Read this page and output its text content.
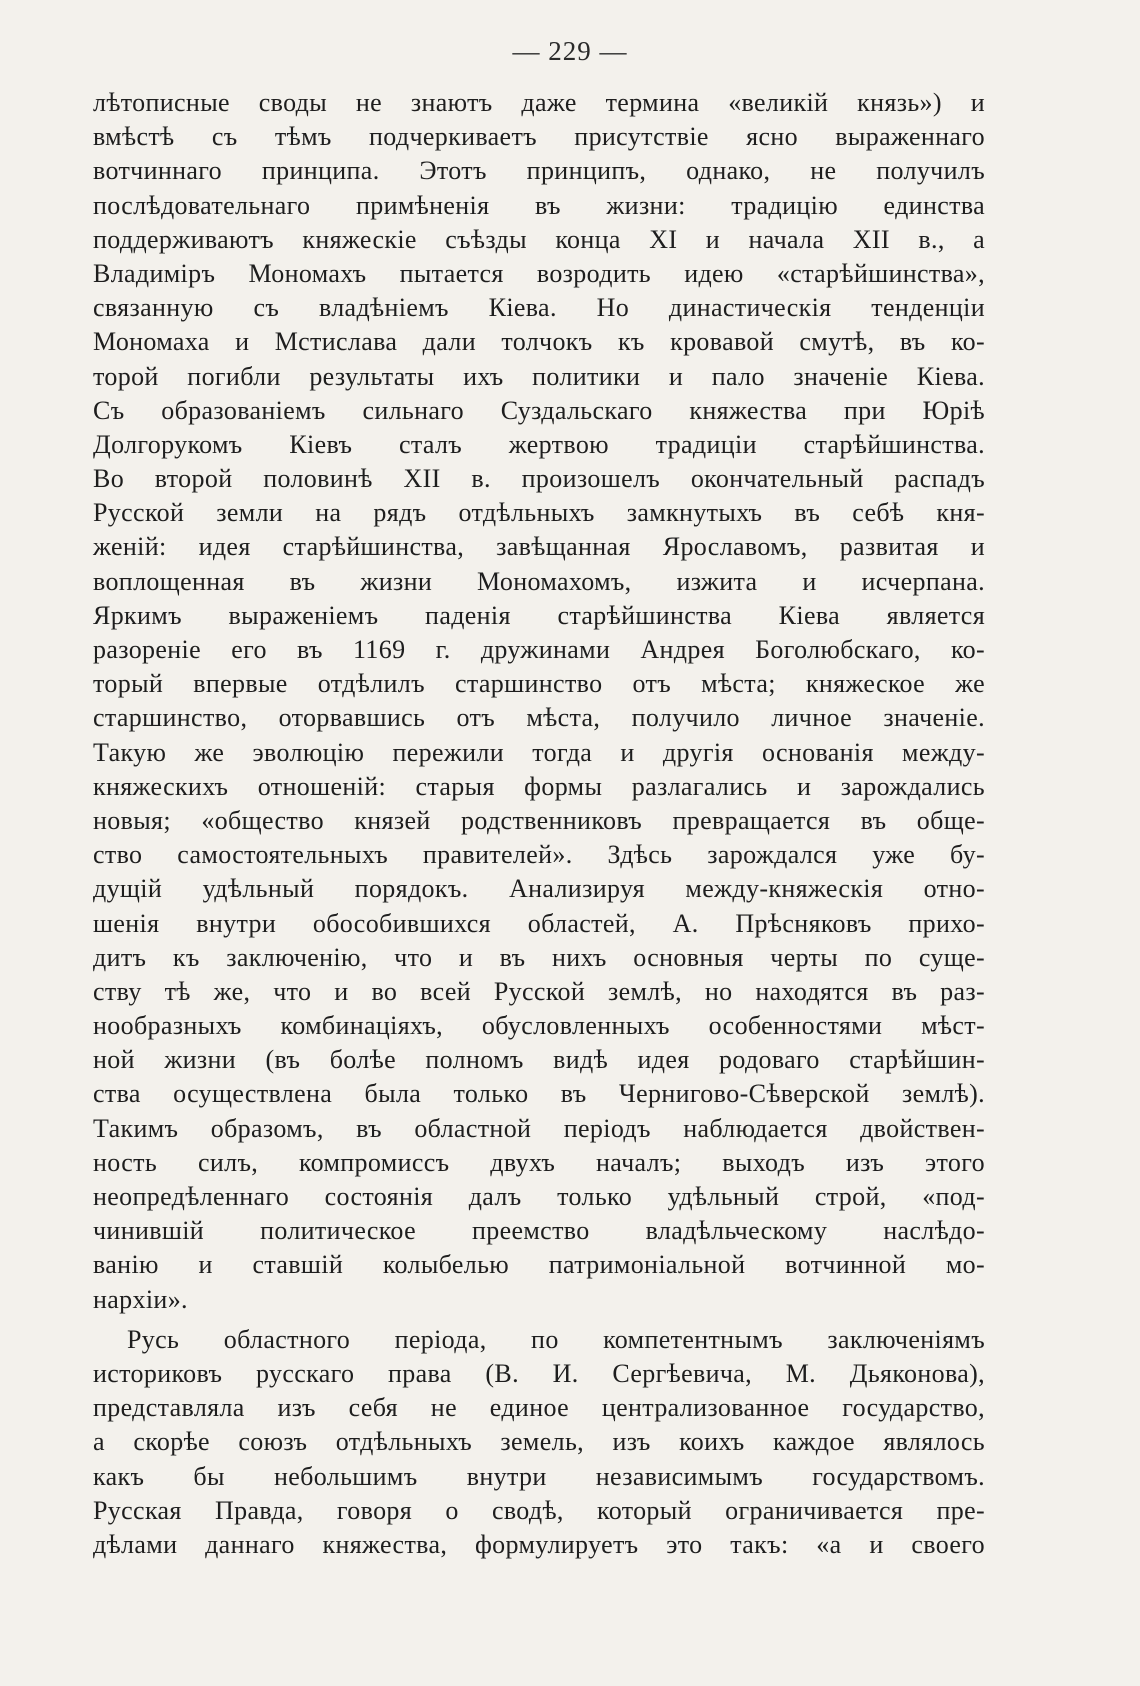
— 229 —

лѣтописные своды не знаютъ даже термина «великій князь») и
вмѣстѣ съ тѣмъ подчеркиваетъ присутствіе ясно выраженнаго
вотчиннаго принципа. Этотъ принципъ, однако, не получилъ
послѣдовательнаго примѣненія въ жизни: традицію единства
поддерживаютъ княжескіе съѣзды конца XI и начала XII в., а
Владиміръ Мономахъ пытается возродить идею «старѣйшинства»,
связанную съ владѣніемъ Кіева. Но династическія тенденціи
Мономаха и Мстислава дали толчокъ къ кровавой смутѣ, въ ко-
торой погибли результаты ихъ политики и пало значеніе Кіева.
Съ образованіемъ сильнаго Суздальскаго княжества при Юріѣ
Долгорукомъ Кіевъ сталъ жертвою традиціи старѣйшинства.
Во второй половинѣ XII в. произошелъ окончательный распадъ
Русской земли на рядъ отдѣльныхъ замкнутыхъ въ себѣ кня-
женій: идея старѣйшинства, завѣщанная Ярославомъ, развитая и
воплощенная въ жизни Мономахомъ, изжита и исчерпана.
Яркимъ выраженіемъ паденія старѣйшинства Кіева является
разореніе его въ 1169 г. дружинами Андрея Боголюбскаго, ко-
торый впервые отдѣлилъ старшинство отъ мѣста; княжеское же
старшинство, оторвавшись отъ мѣста, получило личное значеніе.
Такую же эволюцію пережили тогда и другія основанія между-
княжескихъ отношеній: старыя формы разлагались и зарождались
новыя; «общество князей родственниковъ превращается въ обще-
ство самостоятельныхъ правителей». Здѣсь зарождался уже бу-
дущій удѣльный порядокъ. Анализируя между-княжескія отно-
шенія внутри обособившихся областей, А. Прѣсняковъ прихо-
дитъ къ заключенію, что и въ нихъ основныя черты по суще-
ству тѣ же, что и во всей Русской землѣ, но находятся въ раз-
нообразныхъ комбинаціяхъ, обусловленныхъ особенностями мѣст-
ной жизни (въ болѣе полномъ видѣ идея родоваго старѣйшин-
ства осуществлена была только въ Черниговo-Сѣверской землѣ).
Такимъ образомъ, въ областной періодъ наблюдается двойствен-
ность силъ, компромиссъ двухъ началъ; выходъ изъ этого
неопредѣленнаго состоянія далъ только удѣльный строй, «под-
чинившій политическое преемство владѣльческому наслѣдо-
ванію и ставшій колыбелью патримоніальной вотчинной мо-
нархіи».

Русь областного періода, по компетентнымъ заключеніямъ
историковъ русскаго права (В. И. Сергѣевича, М. Дьяконова),
представляла изъ себя не единое централизованное государство,
а скорѣе союзъ отдѣльныхъ земель, изъ коихъ каждое являлось
какъ бы небольшимъ внутри независимымъ государствомъ.
Русская Правда, говоря о сводѣ, который ограничивается пре-
дѣлами даннаго княжества, формулируетъ это такъ: «а и своего
